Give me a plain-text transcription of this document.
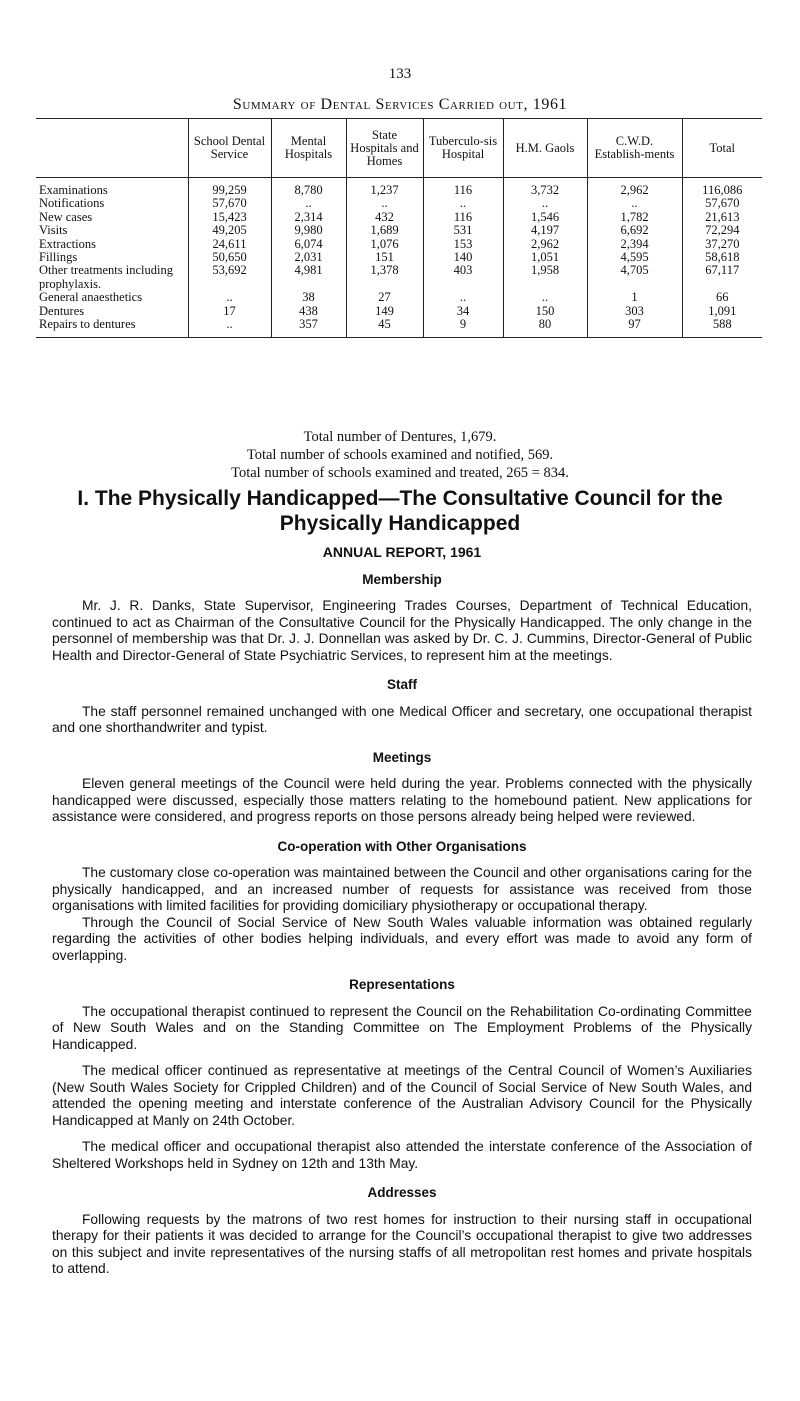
133
Summary of Dental Services Carried out, 1961
	School Dental Service	Mental Hospitals	State Hospitals and Homes	Tuberculo-sis Hospital	H.M. Gaols	C.W.D. Establish-ments	Total
Examinations	99,259	8,780	1,237	116	3,732	2,962	116,086
Notifications	57,670	..	..	..	..	..	57,670
New cases	15,423	2,314	432	116	1,546	1,782	21,613
Visits	49,205	9,980	1,689	531	4,197	6,692	72,294
Extractions	24,611	6,074	1,076	153	2,962	2,394	37,270
Fillings	50,650	2,031	151	140	1,051	4,595	58,618
Other treatments including prophylaxis.	53,692	4,981	1,378	403	1,958	4,705	67,117
General anaesthetics	..	38	27	..	..	1	66
Dentures	17	438	149	34	150	303	1,091
Repairs to dentures	..	357	45	9	80	97	588
Total number of Dentures, 1,679.
Total number of schools examined and notified, 569.
Total number of schools examined and treated, 265 = 834.
I. The Physically Handicapped—The Consultative Council for the Physically Handicapped
ANNUAL REPORT, 1961
Membership

Mr. J. R. Danks, State Supervisor, Engineering Trades Courses, Department of Technical Education, continued to act as Chairman of the Consultative Council for the Physically Handicapped. The only change in the personnel of membership was that Dr. J. J. Donnellan was asked by Dr. C. J. Cummins, Director-General of Public Health and Director-General of State Psychiatric Services, to represent him at the meetings.

Staff

The staff personnel remained unchanged with one Medical Officer and secretary, one occupational therapist and one shorthandwriter and typist.

Meetings

Eleven general meetings of the Council were held during the year. Problems connected with the physically handicapped were discussed, especially those matters relating to the homebound patient. New applications for assistance were considered, and progress reports on those persons already being helped were reviewed.

Co-operation with Other Organisations

The customary close co-operation was maintained between the Council and other organisations caring for the physically handicapped, and an increased number of requests for assistance was received from those organisations with limited facilities for providing domiciliary physiotherapy or occupational therapy.

Through the Council of Social Service of New South Wales valuable information was obtained regularly regarding the activities of other bodies helping individuals, and every effort was made to avoid any form of overlapping.

Representations

The occupational therapist continued to represent the Council on the Rehabilitation Co-ordinating Committee of New South Wales and on the Standing Committee on The Employment Problems of the Physically Handicapped.

The medical officer continued as representative at meetings of the Central Council of Women’s Auxiliaries (New South Wales Society for Crippled Children) and of the Council of Social Service of New South Wales, and attended the opening meeting and interstate conference of the Australian Advisory Council for the Physically Handicapped at Manly on 24th October.

The medical officer and occupational therapist also attended the interstate conference of the Association of Sheltered Workshops held in Sydney on 12th and 13th May.

Addresses

Following requests by the matrons of two rest homes for instruction to their nursing staff in occupational therapy for their patients it was decided to arrange for the Council’s occupational therapist to give two addresses on this subject and invite representatives of the nursing staffs of all metropolitan rest homes and private hospitals to attend.
